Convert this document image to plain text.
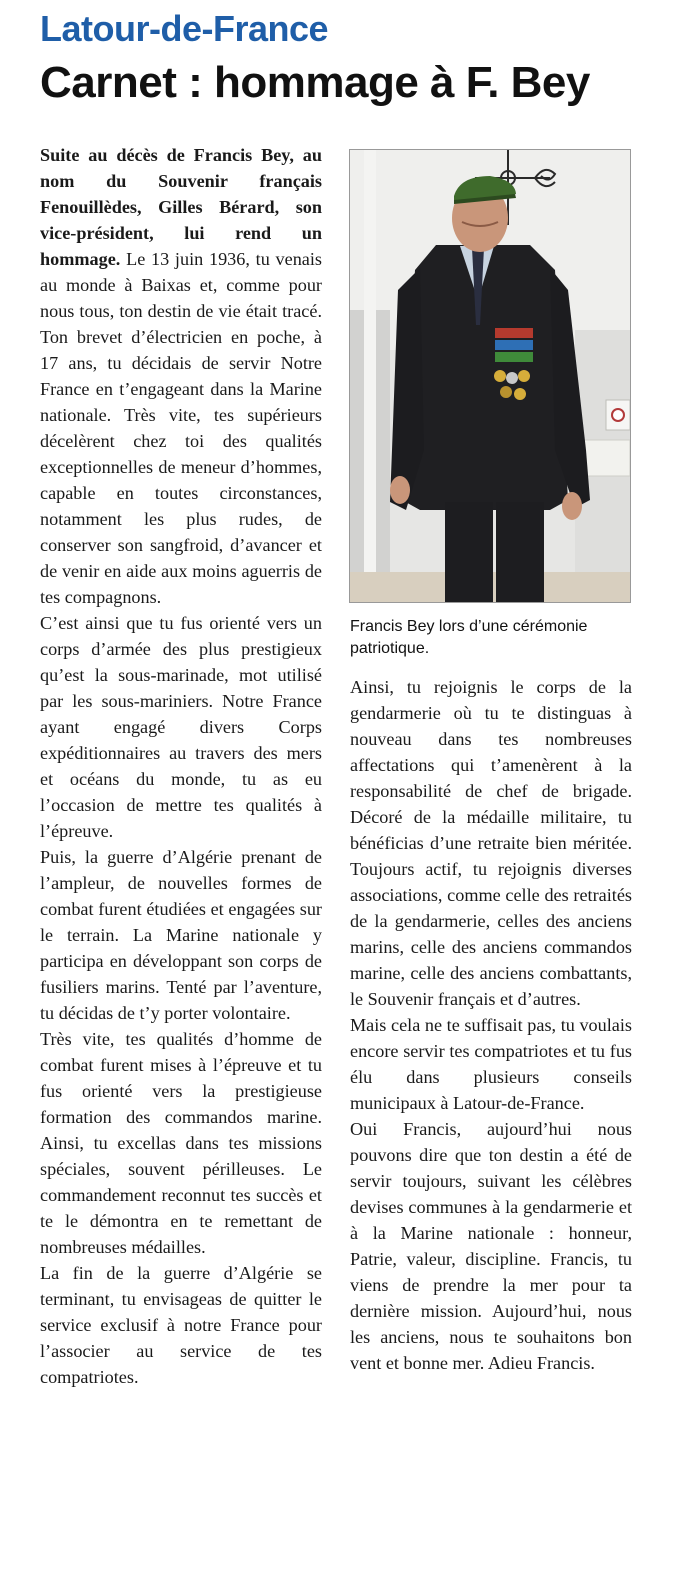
Latour-de-France
Carnet : hommage à F. Bey

Suite au décès de Francis Bey, au nom du Souvenir français Fenouillèdes, Gilles Bérard, son vice-président, lui rend un hommage. Le 13 juin 1936, tu venais au monde à Baixas et, comme pour nous tous, ton destin de vie était tracé. Ton brevet d’électricien en poche, à 17 ans, tu décidais de servir Notre France en t’engageant dans la Marine nationale. Très vite, tes supérieurs décelèrent chez toi des qualités exceptionnelles de meneur d’hommes, capable en toutes circonstances, notamment les plus rudes, de conserver son sangfroid, d’avancer et de venir en aide aux moins aguerris de tes compagnons.

C’est ainsi que tu fus orienté vers un corps d’armée des plus prestigieux qu’est la sous-marinade, mot utilisé par les sous-mariniers. Notre France ayant engagé divers Corps expéditionnaires au travers des mers et océans du monde, tu as eu l’occasion de mettre tes qualités à l’épreuve.

Puis, la guerre d’Algérie prenant de l’ampleur, de nouvelles formes de combat furent étudiées et engagées sur le terrain. La Marine nationale y participa en développant son corps de fusiliers marins. Tenté par l’aventure, tu décidas de t’y porter volontaire.

Très vite, tes qualités d’homme de combat furent mises à l’épreuve et tu fus orienté vers la prestigieuse formation des commandos marine. Ainsi, tu excellas dans tes missions spéciales, souvent périlleuses. Le commandement reconnut tes succès et te le démontra en te remettant de nombreuses médailles.

La fin de la guerre d’Algérie se terminant, tu envisageas de quitter le service exclusif à notre France pour l’associer au service de tes compatriotes.

Francis Bey lors d’une cérémonie patriotique.

Ainsi, tu rejoignis le corps de la gendarmerie où tu te distinguas à nouveau dans tes nombreuses affectations qui t’amenèrent à la responsabilité de chef de brigade. Décoré de la médaille militaire, tu bénéficias d’une retraite bien méritée. Toujours actif, tu rejoignis diverses associations, comme celle des retraités de la gendarmerie, celles des anciens marins, celle des anciens commandos marine, celle des anciens combattants, le Souvenir français et d’autres.

Mais cela ne te suffisait pas, tu voulais encore servir tes compatriotes et tu fus élu dans plusieurs conseils municipaux à Latour-de-France.

Oui Francis, aujourd’hui nous pouvons dire que ton destin a été de servir toujours, suivant les célèbres devises communes à la gendarmerie et à la Marine nationale : honneur, Patrie, valeur, discipline. Francis, tu viens de prendre la mer pour ta dernière mission. Aujourd’hui, nous les anciens, nous te souhaitons bon vent et bonne mer. Adieu Francis.
